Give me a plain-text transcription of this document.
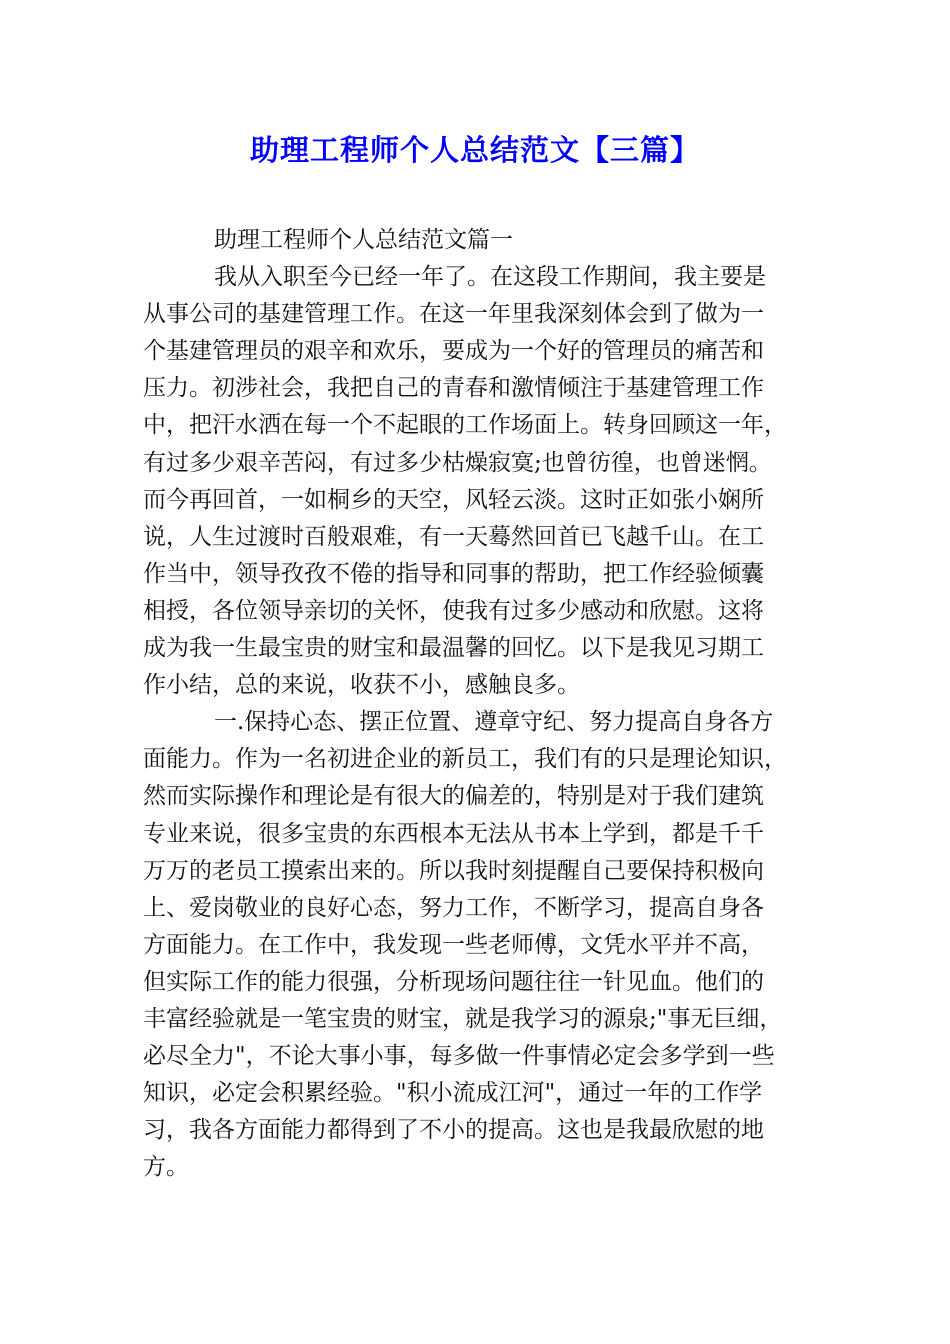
助理工程师个人总结范文【三篇】
助理工程师个人总结范文篇一
我从入职至今已经一年了。在这段工作期间，我主要是
从事公司的基建管理工作。在这一年里我深刻体会到了做为一
个基建管理员的艰辛和欢乐，要成为一个好的管理员的痛苦和
压力。初涉社会，我把自己的青春和激情倾注于基建管理工作
中，把汗水洒在每一个不起眼的工作场面上。转身回顾这一年，
有过多少艰辛苦闷，有过多少枯燥寂寞;也曾彷徨，也曾迷惘。
而今再回首，一如桐乡的天空，风轻云淡。这时正如张小娴所
说，人生过渡时百般艰难，有一天蓦然回首已飞越千山。在工
作当中，领导孜孜不倦的指导和同事的帮助，把工作经验倾囊
相授，各位领导亲切的关怀，使我有过多少感动和欣慰。这将
成为我一生最宝贵的财宝和最温馨的回忆。以下是我见习期工
作小结，总的来说，收获不小，感触良多。
一.保持心态、摆正位置、遵章守纪、努力提高自身各方
面能力。作为一名初进企业的新员工，我们有的只是理论知识，
然而实际操作和理论是有很大的偏差的，特别是对于我们建筑
专业来说，很多宝贵的东西根本无法从书本上学到，都是千千
万万的老员工摸索出来的。所以我时刻提醒自己要保持积极向
上、爱岗敬业的良好心态，努力工作，不断学习，提高自身各
方面能力。在工作中，我发现一些老师傅，文凭水平并不高，
但实际工作的能力很强，分析现场问题往往一针见血。他们的
丰富经验就是一笔宝贵的财宝，就是我学习的源泉;"事无巨细，
必尽全力"，不论大事小事，每多做一件事情必定会多学到一些
知识，必定会积累经验。"积小流成江河"，通过一年的工作学
习，我各方面能力都得到了不小的提高。这也是我最欣慰的地
方。
